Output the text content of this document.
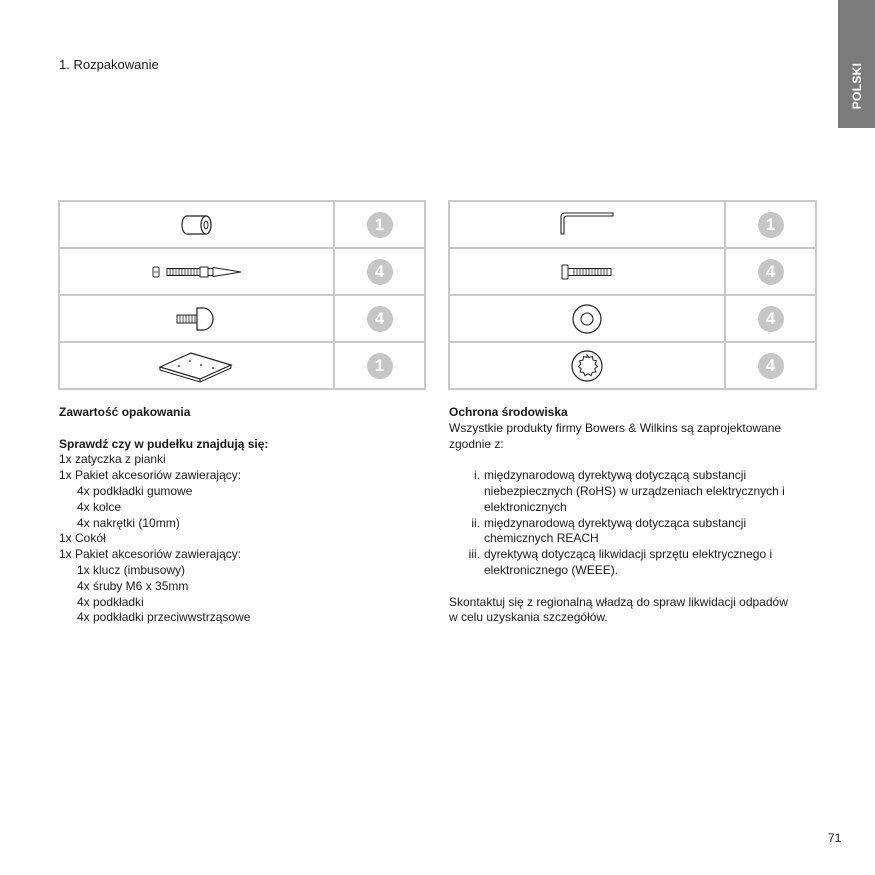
1. Rozpakowanie	POLSKI
1
4
4
1
1
4
4
4
Zawartość opakowania
Sprawdź czy w pudełku znajdują się:
1x zatyczka z pianki
1x Pakiet akcesoriów zawierający:
4x podkładki gumowe
4x kolce
4x nakrętki (10mm)
1x Cokół
1x Pakiet akcesoriów zawierający:
1x klucz (imbusowy)
4x śruby M6 x 35mm
4x podkładki
4x podkładki przeciwwstrząsowe
Ochrona środowiska
Wszystkie produkty firmy Bowers & Wilkins są zaprojektowane
zgodnie z:
i. międzynarodową dyrektywą dotyczącą substancji
niebezpiecznych (RoHS) w urządzeniach elektrycznych i
elektronicznych
ii. międzynarodową dyrektywą dotycząca substancji
chemicznych REACH
iii. dyrektywą dotyczącą likwidacji sprzętu elektrycznego i
elektronicznego (WEEE).
Skontaktuj się z regionalną władzą do spraw likwidacji odpadów
w celu uzyskania szczegółów.
71
